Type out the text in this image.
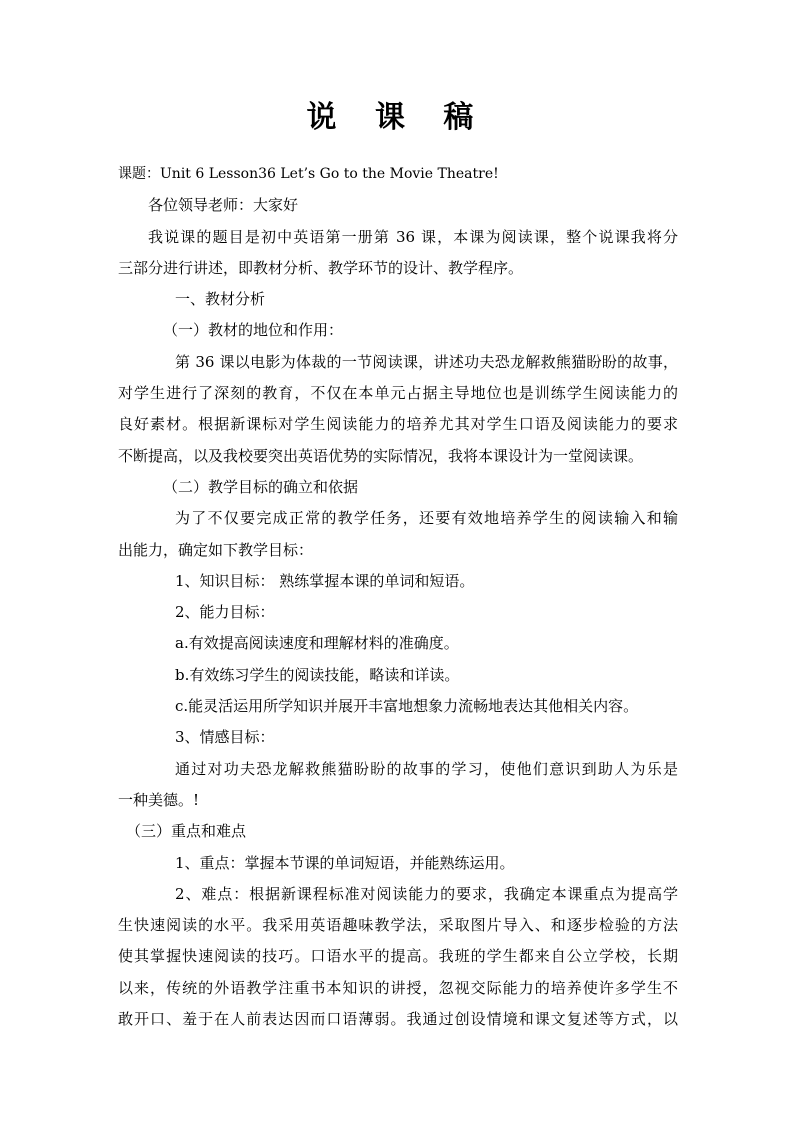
说 课 稿
课题：Unit 6 Lesson36 Let’s Go to the Movie Theatre!
各位领导老师：大家好
我说课的题目是初中英语第一册第 36 课，本课为阅读课，整个说课我将分
三部分进行讲述，即教材分析、教学环节的设计、教学程序。
一、教材分析
（一）教材的地位和作用：
第 36 课以电影为体裁的一节阅读课，讲述功夫恐龙解救熊猫盼盼的故事，
对学生进行了深刻的教育，不仅在本单元占据主导地位也是训练学生阅读能力的
良好素材。根据新课标对学生阅读能力的培养尤其对学生口语及阅读能力的要求
不断提高，以及我校要突出英语优势的实际情况，我将本课设计为一堂阅读课。
（二）教学目标的确立和依据
为了不仅要完成正常的教学任务，还要有效地培养学生的阅读输入和输
出能力，确定如下教学目标：
1、知识目标： 熟练掌握本课的单词和短语。
2、能力目标：
a.有效提高阅读速度和理解材料的准确度。
b.有效练习学生的阅读技能，略读和详读。
c.能灵活运用所学知识并展开丰富地想象力流畅地表达其他相关内容。
3、情感目标：
通过对功夫恐龙解救熊猫盼盼的故事的学习，使他们意识到助人为乐是
一种美德。!
（三）重点和难点
1、重点：掌握本节课的单词短语，并能熟练运用。
2、难点：根据新课程标准对阅读能力的要求，我确定本课重点为提高学
生快速阅读的水平。我采用英语趣味教学法，采取图片导入、和逐步检验的方法
使其掌握快速阅读的技巧。口语水平的提高。我班的学生都来自公立学校，长期
以来，传统的外语教学注重书本知识的讲授，忽视交际能力的培养使许多学生不
敢开口、羞于在人前表达因而口语薄弱。我通过创设情境和课文复述等方式，以
